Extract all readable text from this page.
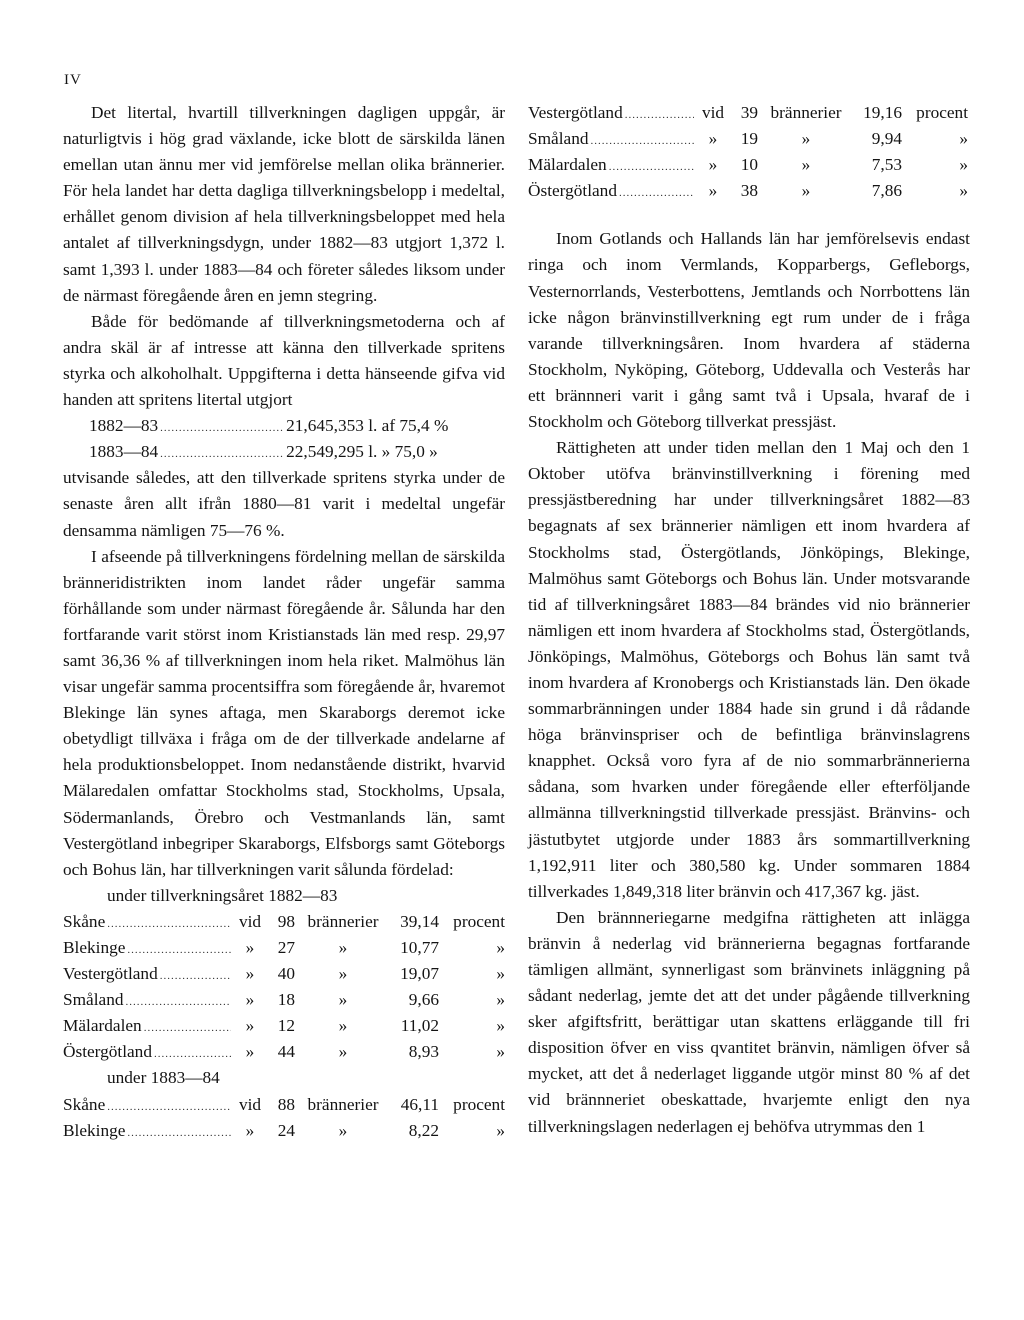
IV

Det litertal, hvartill tillverkningen dagligen uppgår, är naturligtvis i hög grad växlande, icke blott de särskilda länen emellan utan ännu mer vid jemförelse mellan olika brännerier. För hela landet har detta dagliga tillverkningsbelopp i medeltal, erhållet genom division af hela tillverkningsbeloppet med hela antalet af tillverkningsdygn, under 1882—83 utgjort 1,372 l. samt 1,393 l. under 1883—84 och företer således liksom under de närmast föregående åren en jemn stegring.

Både för bedömande af tillverkningsmetoderna och af andra skäl är af intresse att känna den tillverkade spritens styrka och alkoholhalt. Uppgifterna i detta hänseende gifva vid handen att spritens litertal utgjort

1882—83 .....	21,645,353 l. af 75,4 %
1883—84 .....	22,549,295 l. » 75,0 »

utvisande således, att den tillverkade spritens styrka under de senaste åren allt ifrån 1880—81 varit i medeltal ungefär densamma nämligen 75—76 %.

I afseende på tillverkningens fördelning mellan de särskilda bränneridistrikten inom landet råder ungefär samma förhållande som under närmast föregående år. Sålunda har den fortfarande varit störst inom Kristianstads län med resp. 29,97 samt 36,36 % af tillverkningen inom hela riket. Malmöhus län visar ungefär samma procentsiffra som föregående år, hvaremot Blekinge län synes aftaga, men Skaraborgs deremot icke obetydligt tillväxa i fråga om de der tillverkade andelarne af hela produktionsbeloppet. Inom nedanstående distrikt, hvarvid Mälaredalen omfattar Stockholms stad, Stockholms, Upsala, Södermanlands, Örebro och Vestmanlands län, samt Vestergötland inbegriper Skaraborgs, Elfsborgs samt Göteborgs och Bohus län, har tillverkningen varit sålunda fördelad:

under tillverkningsåret 1882—83
Skåne .....	vid 98 brännerier	39,14 procent
Blekinge .....	»	27	»	10,77	»
Vestergötland .....	»	40	»	19,07	»
Småland .....	»	18	»	9,66	»
Mälardalen .....	»	12	»	11,02	»
Östergötland .....	»	44	»	8,93	»
under 1883—84
Skåne .....	vid 88 brännerier	46,11 procent
Blekinge .....	»	24	»	8,22	»
Vestergötland .....	vid 39 brännerier	19,16 procent
Småland .....	»	19	»	9,94	»
Mälardalen .....	»	10	»	7,53	»
Östergötland .....	»	38	»	7,86	»

Inom Gotlands och Hallands län har jemförelsevis endast ringa och inom Vermlands, Kopparbergs, Gefleborgs, Vesternorrlands, Vesterbottens, Jemtlands och Norrbottens län icke någon bränvinstillverkning egt rum under de i fråga varande tillverkningsåren. Inom hvardera af städerna Stockholm, Nyköping, Göteborg, Uddevalla och Vesterås har ett brännneri varit i gång samt två i Upsala, hvaraf de i Stockholm och Göteborg tillverkat pressjäst.

Rättigheten att under tiden mellan den 1 Maj och den 1 Oktober utöfva bränvinstillverkning i förening med pressjästberedning har under tillverkningsåret 1882—83 begagnats af sex brännerier nämligen ett inom hvardera af Stockholms stad, Östergötlands, Jönköpings, Blekinge, Malmöhus samt Göteborgs och Bohus län. Under motsvarande tid af tillverkningsåret 1883—84 brändes vid nio brännerier nämligen ett inom hvardera af Stockholms stad, Östergötlands, Jönköpings, Malmöhus, Göteborgs och Bohus län samt två inom hvardera af Kronobergs och Kristianstads län. Den ökade sommarbränningen under 1884 hade sin grund i då rådande höga bränvinspriser och de befintliga bränvinslagrens knapphet. Också voro fyra af de nio sommarbrännerierna sådana, som hvarken under föregående eller efterföljande allmänna tillverkningstid tillverkade pressjäst. Bränvins- och jästutbytet utgjorde under 1883 års sommartillverkning 1,192,911 liter och 380,580 kg. Under sommaren 1884 tillverkades 1,849,318 liter bränvin och 417,367 kg. jäst.

Den brännneriegarne medgifna rättigheten att inlägga bränvin å nederlag vid brännerierna begagnas fortfarande tämligen allmänt, synnerligast som bränvinets inläggning på sådant nederlag, jemte det att det under pågående tillverkning sker afgiftsfritt, berättigar utan skattens erläggande till fri disposition öfver en viss qvantitet bränvin, nämligen öfver så mycket, att det å nederlaget liggande utgör minst 80 % af det vid brännneriet obeskattade, hvarjemte enligt den nya tillverkningslagen nederlagen ej behöfva utrymmas den 1
